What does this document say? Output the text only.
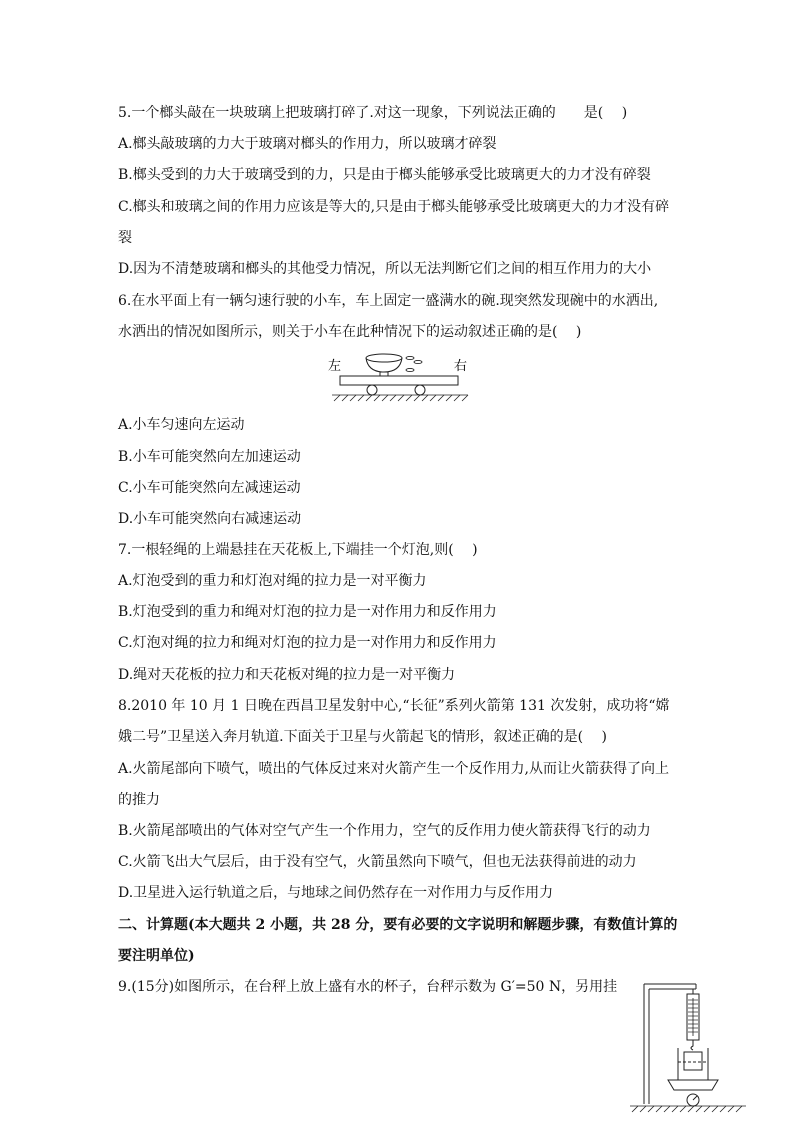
5.一个榔头敲在一块玻璃上把玻璃打碎了.对这一现象，下列说法正确的　　是(　 )
A.榔头敲玻璃的力大于玻璃对榔头的作用力，所以玻璃才碎裂
B.榔头受到的力大于玻璃受到的力，只是由于榔头能够承受比玻璃更大的力才没有碎裂
C.榔头和玻璃之间的作用力应该是等大的,只是由于榔头能够承受比玻璃更大的力才没有碎
裂
D.因为不清楚玻璃和榔头的其他受力情况，所以无法判断它们之间的相互作用力的大小
6.在水平面上有一辆匀速行驶的小车，车上固定一盛满水的碗.现突然发现碗中的水洒出,
水洒出的情况如图所示，则关于小车在此种情况下的运动叙述正确的是(　 )
左	右
A.小车匀速向左运动
B.小车可能突然向左加速运动
C.小车可能突然向左减速运动
D.小车可能突然向右减速运动
7.一根轻绳的上端悬挂在天花板上,下端挂一个灯泡,则(　 )
A.灯泡受到的重力和灯泡对绳的拉力是一对平衡力
B.灯泡受到的重力和绳对灯泡的拉力是一对作用力和反作用力
C.灯泡对绳的拉力和绳对灯泡的拉力是一对作用力和反作用力
D.绳对天花板的拉力和天花板对绳的拉力是一对平衡力
8.2010 年 10 月 1 日晚在西昌卫星发射中心,“长征”系列火箭第 131 次发射，成功将“嫦
娥二号”卫星送入奔月轨道.下面关于卫星与火箭起飞的情形，叙述正确的是(　 )
A.火箭尾部向下喷气，喷出的气体反过来对火箭产生一个反作用力,从而让火箭获得了向上
的推力
B.火箭尾部喷出的气体对空气产生一个作用力，空气的反作用力使火箭获得飞行的动力
C.火箭飞出大气层后，由于没有空气，火箭虽然向下喷气，但也无法获得前进的动力
D.卫星进入运行轨道之后，与地球之间仍然存在一对作用力与反作用力
二、计算题(本大题共 2 小题，共 28 分，要有必要的文字说明和解题步骤，有数值计算的
要注明单位)
9.(15分)如图所示，在台秤上放上盛有水的杯子，台秤示数为 G′=50 N，另用挂
